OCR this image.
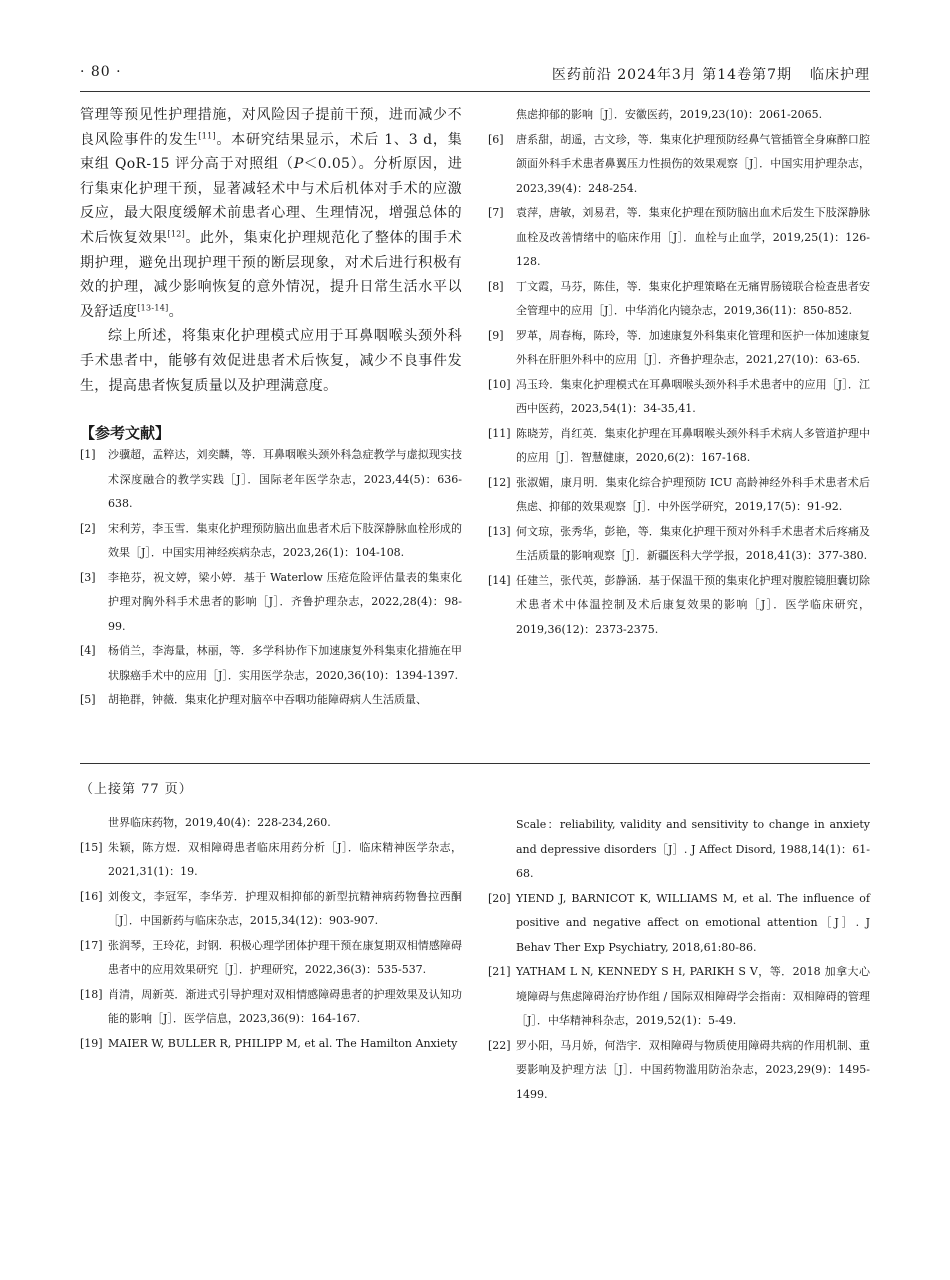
· 80 ·	医药前沿 2024年3月 第14卷第7期 临床护理

管理等预见性护理措施，对风险因子提前干预，进而减少不良风险事件的发生[11]。本研究结果显示，术后 1、3 d，集束组 QoR-15 评分高于对照组（P＜0.05）。分析原因，进行集束化护理干预，显著减轻术中与术后机体对手术的应激反应，最大限度缓解术前患者心理、生理情况，增强总体的术后恢复效果[12]。此外，集束化护理规范化了整体的围手术期护理，避免出现护理干预的断层现象，对术后进行积极有效的护理，减少影响恢复的意外情况，提升日常生活水平以及舒适度[13-14]。

综上所述，将集束化护理模式应用于耳鼻咽喉头颈外科手术患者中，能够有效促进患者术后恢复，减少不良事件发生，提高患者恢复质量以及护理满意度。

【参考文献】

[1]	沙骥超，孟粹达，刘奕麟，等．耳鼻咽喉头颈外科急症教学与虚拟现实技术深度融合的教学实践［J］．国际老年医学杂志，2023,44(5)：636-638.
[2]	宋利芳，李玉雪．集束化护理预防脑出血患者术后下肢深静脉血栓形成的效果［J］．中国实用神经疾病杂志，2023,26(1)：104-108.
[3]	李艳芬，祝文婷，梁小婷．基于 Waterlow 压疮危险评估量表的集束化护理对胸外科手术患者的影响［J］．齐鲁护理杂志，2022,28(4)：98-99.
[4]	杨俏兰，李海量，林丽，等．多学科协作下加速康复外科集束化措施在甲状腺癌手术中的应用［J］．实用医学杂志，2020,36(10)：1394-1397.
[5]	胡艳群，钟薇．集束化护理对脑卒中吞咽功能障碍病人生活质量、
焦虑抑郁的影响［J］．安徽医药，2019,23(10)：2061-2065.
[6]	唐系甜，胡遥，古文珍，等．集束化护理预防经鼻气管插管全身麻醉口腔颌面外科手术患者鼻翼压力性损伤的效果观察［J］．中国实用护理杂志，2023,39(4)：248-254.
[7]	袁萍，唐敏，刘易君，等．集束化护理在预防脑出血术后发生下肢深静脉血栓及改善情绪中的临床作用［J］．血栓与止血学，2019,25(1)：126-128.
[8]	丁文霞，马芬，陈佳，等．集束化护理策略在无痛胃肠镜联合检查患者安全管理中的应用［J］．中华消化内镜杂志，2019,36(11)：850-852.
[9]	罗革，周春梅，陈玲，等．加速康复外科集束化管理和医护一体加速康复外科在肝胆外科中的应用［J］．齐鲁护理杂志，2021,27(10)：63-65.
[10] 冯玉玲．集束化护理模式在耳鼻咽喉头颈外科手术患者中的应用［J］．江西中医药，2023,54(1)：34-35,41.
[11] 陈晓芳，肖红英．集束化护理在耳鼻咽喉头颈外科手术病人多管道护理中的应用［J］．智慧健康，2020,6(2)：167-168.
[12] 张淑媚，康月明．集束化综合护理预防 ICU 高龄神经外科手术患者术后焦虑、抑郁的效果观察［J］．中外医学研究，2019,17(5)：91-92.
[13] 何文琼，张秀华，彭艳，等．集束化护理干预对外科手术患者术后疼痛及生活质量的影响观察［J］．新疆医科大学学报，2018,41(3)：377-380.
[14] 任建兰，张代英，彭静涵．基于保温干预的集束化护理对腹腔镜胆囊切除术患者术中体温控制及术后康复效果的影响［J］．医学临床研究，2019,36(12)：2373-2375.

（上接第 77 页）

世界临床药物，2019,40(4)：228-234,260.
[15] 朱颖，陈方煜．双相障碍患者临床用药分析［J］．临床精神医学杂志，2021,31(1)：19.
[16] 刘俊文，李冠军，李华芳．护理双相抑郁的新型抗精神病药物鲁拉西酮［J］．中国新药与临床杂志，2015,34(12)：903-907.
[17] 张润琴，王玲花，封钢．积极心理学团体护理干预在康复期双相情感障碍患者中的应用效果研究［J］．护理研究，2022,36(3)：535-537.
[18] 肖清，周新英．渐进式引导护理对双相情感障碍患者的护理效果及认知功能的影响［J］．医学信息，2023,36(9)：164-167.
[19] MAIER W, BULLER R, PHILIPP M, et al. The Hamilton Anxiety
Scale：reliability, validity and sensitivity to change in anxiety and depressive disorders［J］. J Affect Disord, 1988,14(1)：61-68.
[20] YIEND J, BARNICOT K, WILLIAMS M, et al. The influence of positive and negative affect on emotional attention［J］. J Behav Ther Exp Psychiatry, 2018,61:80-86.
[21] YATHAM L N, KENNEDY S H, PARIKH S V，等．2018 加拿大心境障碍与焦虑障碍治疗协作组 / 国际双相障碍学会指南：双相障碍的管理［J］．中华精神科杂志，2019,52(1)：5-49.
[22] 罗小阳，马月娇，何浩宇．双相障碍与物质使用障碍共病的作用机制、重要影响及护理方法［J］．中国药物滥用防治杂志，2023,29(9)：1495-1499.
